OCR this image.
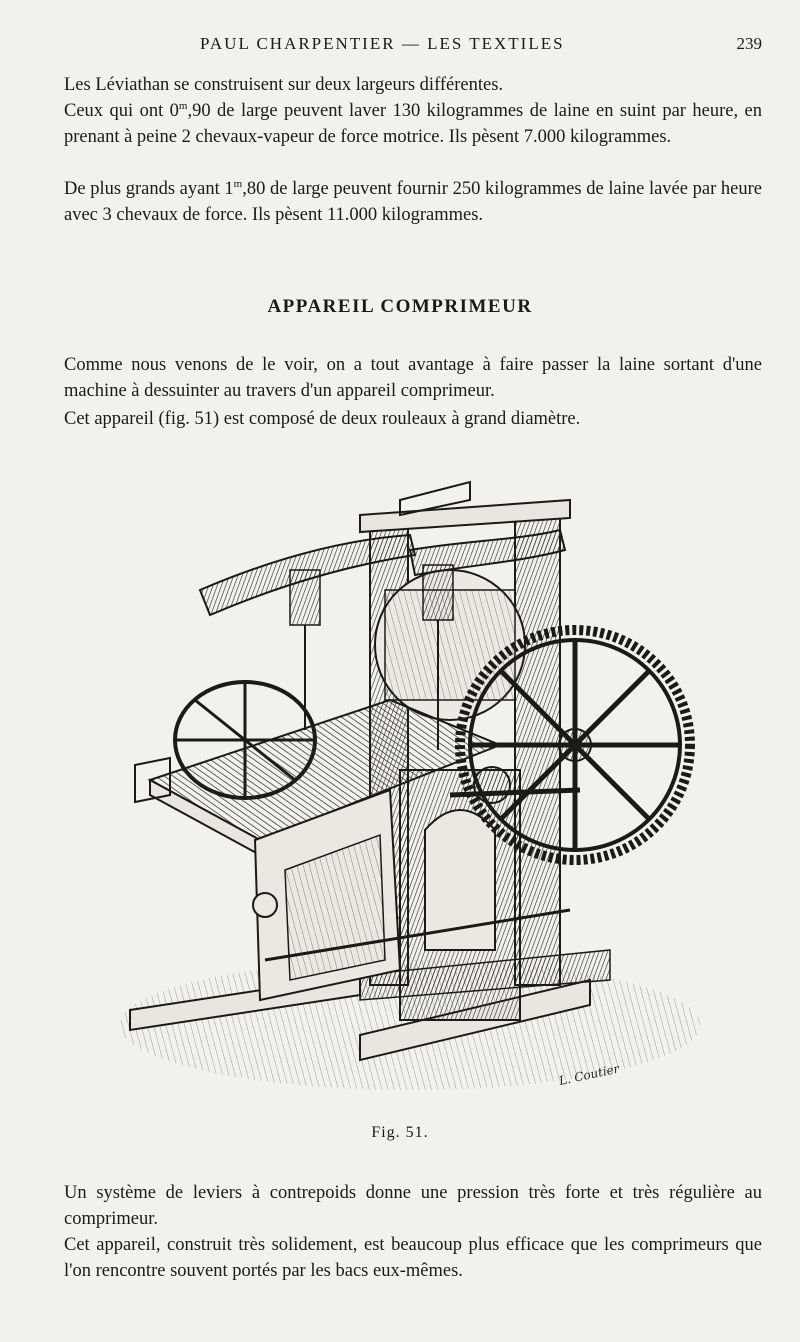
PAUL CHARPENTIER — LES TEXTILES	239

Les Léviathan se construisent sur deux largeurs différentes.

Ceux qui ont 0$^m$,90 de large peuvent laver 130 kilogrammes de laine en suint par heure, en prenant à peine 2 chevaux-vapeur de force motrice. Ils pèsent 7.000 kilogrammes.

De plus grands ayant 1$^m$,80 de large peuvent fournir 250 kilogrammes de laine lavée par heure avec 3 chevaux de force. Ils pèsent 11.000 kilogrammes.

APPAREIL COMPRIMEUR

Comme nous venons de le voir, on a tout avantage à faire passer la laine sortant d'une machine à dessuinter au travers d'un appareil comprimeur.

Cet appareil (fig. 51) est composé de deux rouleaux à grand diamètre.

L. Coutier
Fig. 51.

Un système de leviers à contrepoids donne une pression très forte et très régulière au comprimeur.

Cet appareil, construit très solidement, est beaucoup plus efficace que les comprimeurs que l'on rencontre souvent portés par les bacs eux-mêmes.
